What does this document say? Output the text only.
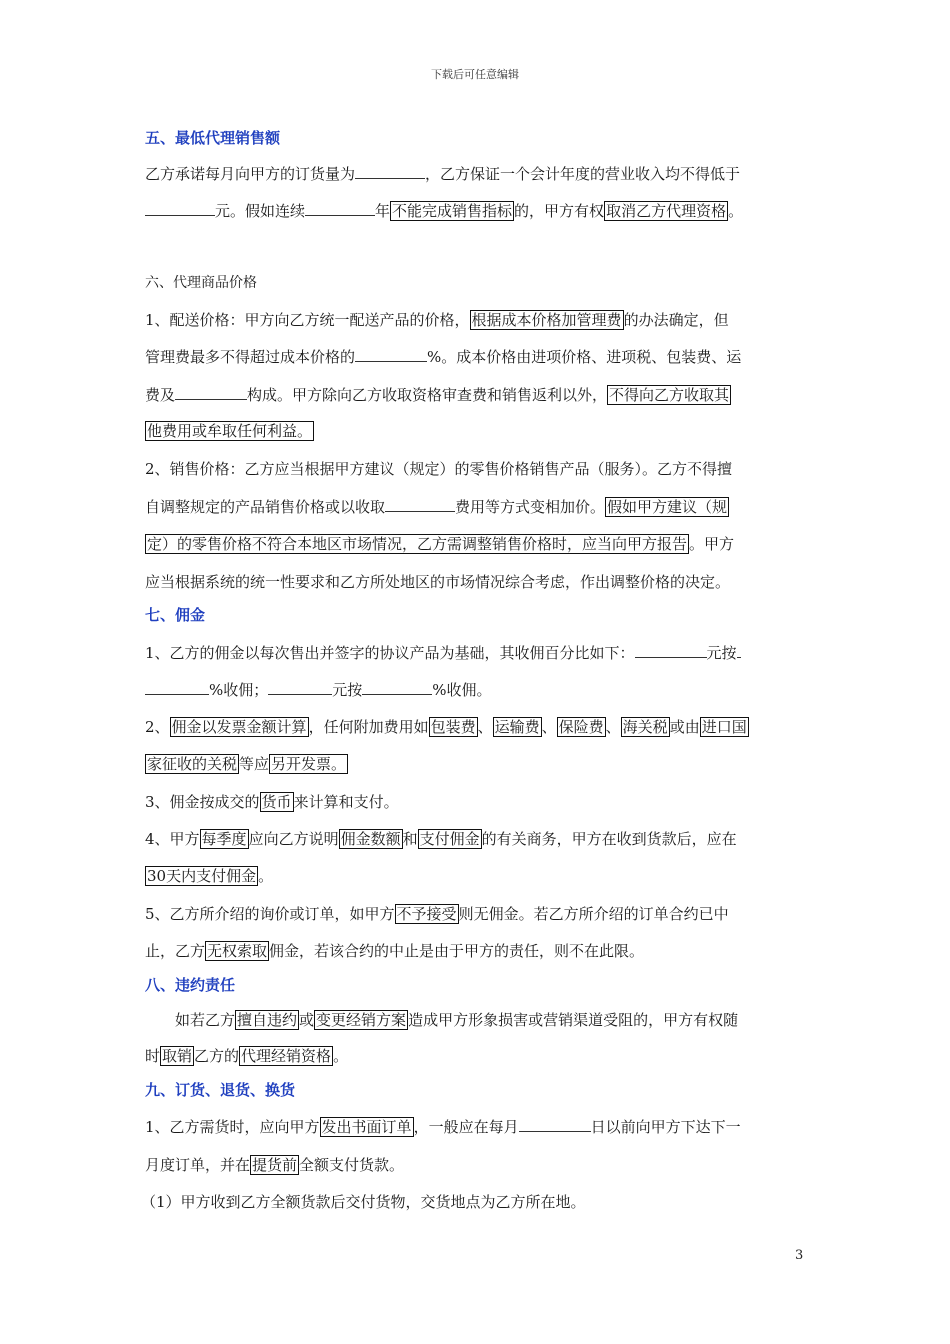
下载后可任意编辑
五、最低代理销售额
乙方承诺每月向甲方的订货量为	，乙方保证一个会计年度的营业收入均不得低于
元。假如连续	年 不能完成销售指标 的，甲方有权 取消乙方代理资格 。
六、代理商品价格
1、配送价格：甲方向乙方统一配送产品的价格， 根据成本价格加管理费 的办法确定，但
管理费最多不得超过成本价格的	%。成本价格由进项价格、进项税、包装费、运
费及	构成。甲方除向乙方收取资格审查费和销售返利以外， 不得向乙方收取其
他费用或牟取任何利益。
2、销售价格：乙方应当根据甲方建议（规定）的零售价格销售产品（服务）。乙方不得擅
自调整规定的产品销售价格或以收取	费用等方式变相加价。 假如甲方建议（规
定）的零售价格不符合本地区市场情况，乙方需调整销售价格时，应当向甲方报告 。甲方
应当根据系统的统一性要求和乙方所处地区的市场情况综合考虑，作出调整价格的决定。
七、佣金
1、乙方的佣金以每次售出并签字的协议产品为基础，其收佣百分比如下：	元按
%收佣；	元按	%收佣。
2、 佣金以发票金额计算 ，任何附加费用如 包装费 、 运输费 、 保险费 、 海关税 或由 进口国
家征收的关税 等应 另开发票。
3、佣金按成交的 货币 来计算和支付。
4、甲方 每季度 应向乙方说明 佣金数额 和 支付佣金 的有关商务，甲方在收到货款后，应在
30天内支付佣金 。
5、乙方所介绍的询价或订单，如甲方 不予接受 则无佣金。若乙方所介绍的订单合约已中
止，乙方 无权索取 佣金，若该合约的中止是由于甲方的责任，则不在此限。
八、违约责任
如若乙方 擅自违约 或 变更经销方案 造成甲方形象损害或营销渠道受阻的，甲方有权随
时 取销 乙方的 代理经销资格 。
九、订货、退货、换货
1、乙方需货时，应向甲方 发出书面订单 ，一般应在每月	日以前向甲方下达下一
月度订单，并在 提货前 全额支付货款。
（1）甲方收到乙方全额货款后交付货物，交货地点为乙方所在地。
3
